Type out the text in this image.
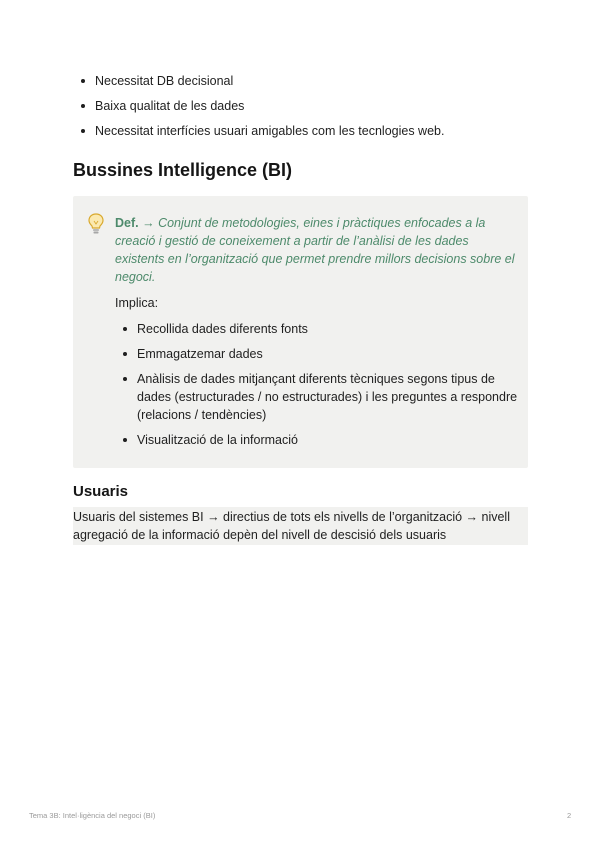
Necessitat DB decisional
Baixa qualitat de les dades
Necessitat interfícies usuari amigables com les tecnlogies web.
Bussines Intelligence (BI)

Def. → Conjunt de metodologies, eines i pràctiques enfocades a la creació i gestió de coneixement a partir de l’anàlisi de les dades existents en l’organització que permet prendre millors decisions sobre el negoci.

Implica:

Recollida dades diferents fonts
Emmagatzemar dades
Anàlisis de dades mitjançant diferents tècniques segons tipus de dades (estructurades / no estructurades) i les preguntes a respondre (relacions / tendències)
Visualització de la informació
Usuaris

Usuaris del sistemes BI → directius de tots els nivells de l’organització → nivell agregació de la informació depèn del nivell de descisió dels usuaris

Tema 3B: Intel·ligència del negoci (BI)	2
